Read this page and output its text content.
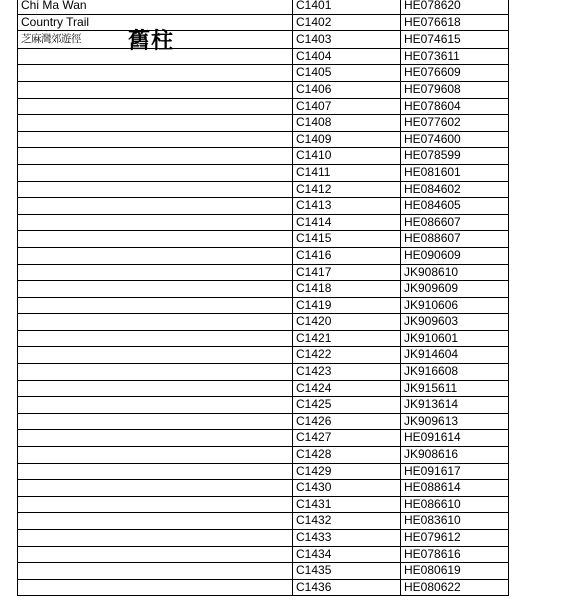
Chi Ma Wan	C1401	HE078620
Country Trail	C1402	HE076618
芝麻灣郊遊徑	C1403	HE074615
	C1404	HE073611
	C1405	HE076609
	C1406	HE079608
	C1407	HE078604
	C1408	HE077602
	C1409	HE074600
	C1410	HE078599
	C1411	HE081601
	C1412	HE084602
	C1413	HE084605
	C1414	HE086607
	C1415	HE088607
	C1416	HE090609
	C1417	JK908610
	C1418	JK909609
	C1419	JK910606
	C1420	JK909603
	C1421	JK910601
	C1422	JK914604
	C1423	JK916608
	C1424	JK915611
	C1425	JK913614
	C1426	JK909613
	C1427	HE091614
	C1428	JK908616
	C1429	HE091617
	C1430	HE088614
	C1431	HE086610
	C1432	HE083610
	C1433	HE079612
	C1434	HE078616
	C1435	HE080619
	C1436	HE080622
舊柱
